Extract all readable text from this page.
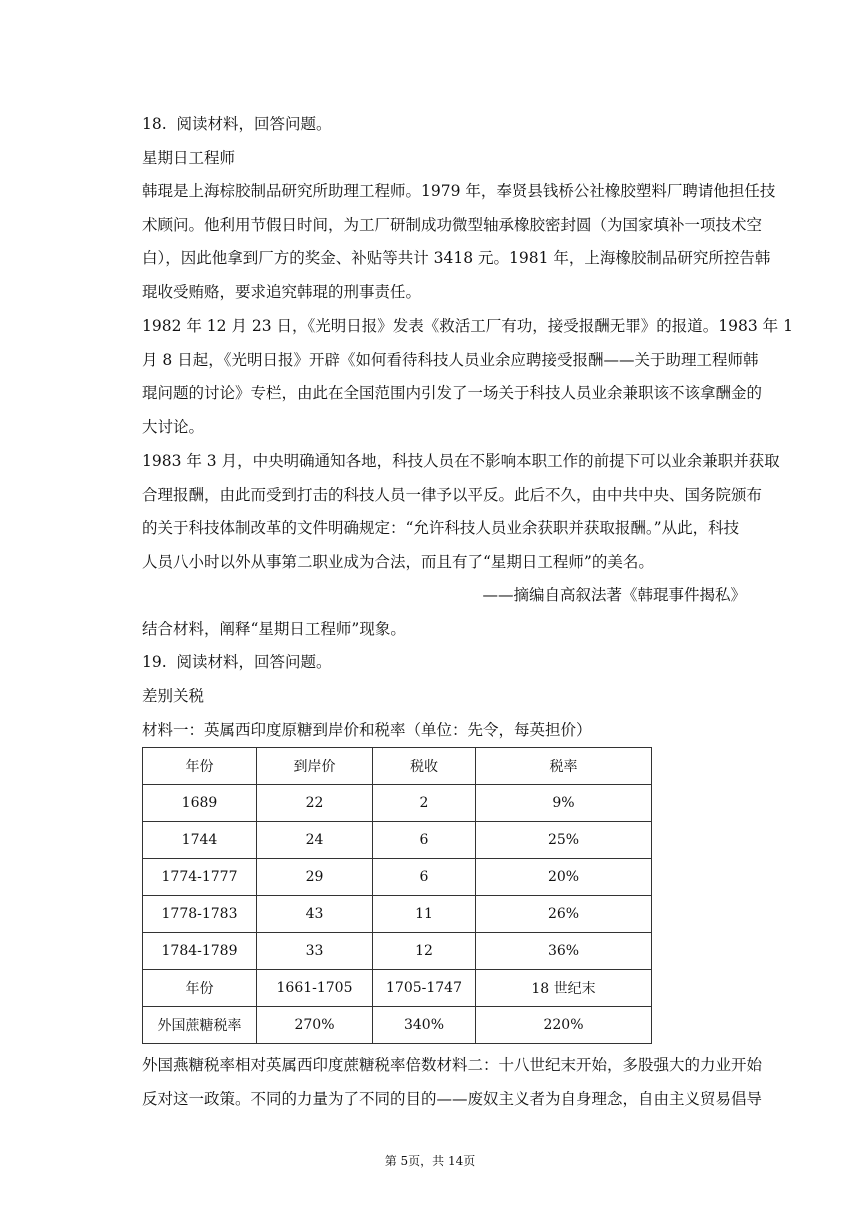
18.  阅读材料，回答问题。
星期日工程师
韩琨是上海棕胶制品研究所助理工程师。1979 年，奉贤县钱桥公社橡胶塑料厂聘请他担任技
术顾问。他利用节假日时间，为工厂研制成功微型轴承橡胶密封圆（为国家填补一项技术空
白），因此他拿到厂方的奖金、补贴等共计 3418 元。1981 年，上海橡胶制品研究所控告韩
琨收受贿赂，要求追究韩琨的刑事责任。
1982 年 12 月 23 日，《光明日报》发表《救活工厂有功，接受报酬无罪》的报道。1983 年 1
月 8 日起，《光明日报》开辟《如何看待科技人员业余应聘接受报酬——关于助理工程师韩
琨问题的讨论》专栏，由此在全国范围内引发了一场关于科技人员业余兼职该不该拿酬金的
大讨论。
1983 年 3 月，中央明确通知各地，科技人员在不影响本职工作的前提下可以业余兼职并获取
合理报酬，由此而受到打击的科技人员一律予以平反。此后不久，由中共中央、国务院颁布
的关于科技体制改革的文件明确规定：“允许科技人员业余获职并获取报酬。”从此，科技
人员八小时以外从事第二职业成为合法，而且有了“星期日工程师”的美名。
——摘编自高叙法著《韩琨事件揭私》
结合材料，阐释“星期日工程师”现象。
19.  阅读材料，回答问题。
差别关税
材料一：英属西印度原糖到岸价和税率（单位：先令，每英担价）
年份	到岸价	税收	税率
1689	22	2	9%
1744	24	6	25%
1774-1777	29	6	20%
1778-1783	43	11	26%
1784-1789	33	12	36%
年份	1661-1705	1705-1747	18 世纪末
外国蔗糖税率	270%	340%	220%
外国燕糖税率相对英属西印度蔗糖税率倍数材料二：十八世纪末开始，多股强大的力业开始
反对这一政策。不同的力量为了不同的目的——废奴主义者为自身理念，自由主义贸易倡导
第 5页，共 14页
